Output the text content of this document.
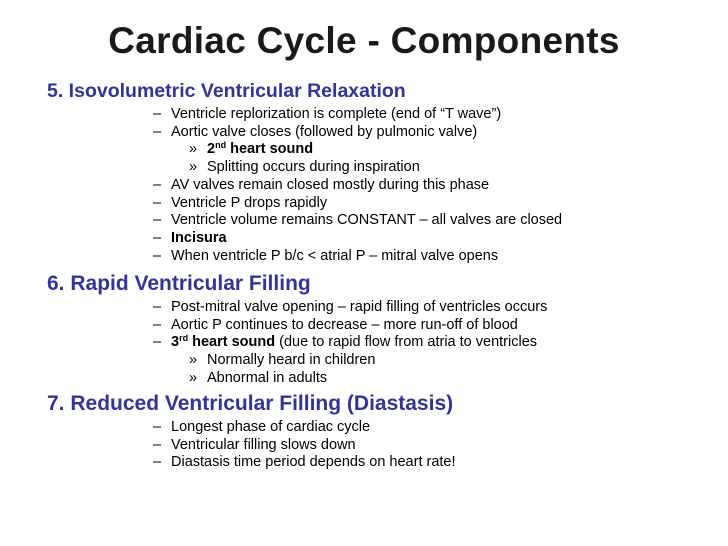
Cardiac Cycle - Components
5. Isovolumetric Ventricular Relaxation
– Ventricle replorization is complete (end of “T wave”)
– Aortic valve closes (followed by pulmonic valve)
» 2nd heart sound
» Splitting occurs during inspiration
– AV valves remain closed mostly during this phase
– Ventricle P drops rapidly
– Ventricle volume remains CONSTANT – all valves are closed
– Incisura
– When ventricle P b/c < atrial P – mitral valve opens
6. Rapid Ventricular Filling
– Post-mitral valve opening – rapid filling of ventricles occurs
– Aortic P continues to decrease – more run-off of blood
– 3rd heart sound (due to rapid flow from atria to ventricles
» Normally heard in children
» Abnormal in adults
7. Reduced Ventricular Filling (Diastasis)
– Longest phase of cardiac cycle
– Ventricular filling slows down
– Diastasis time period depends on heart rate!
